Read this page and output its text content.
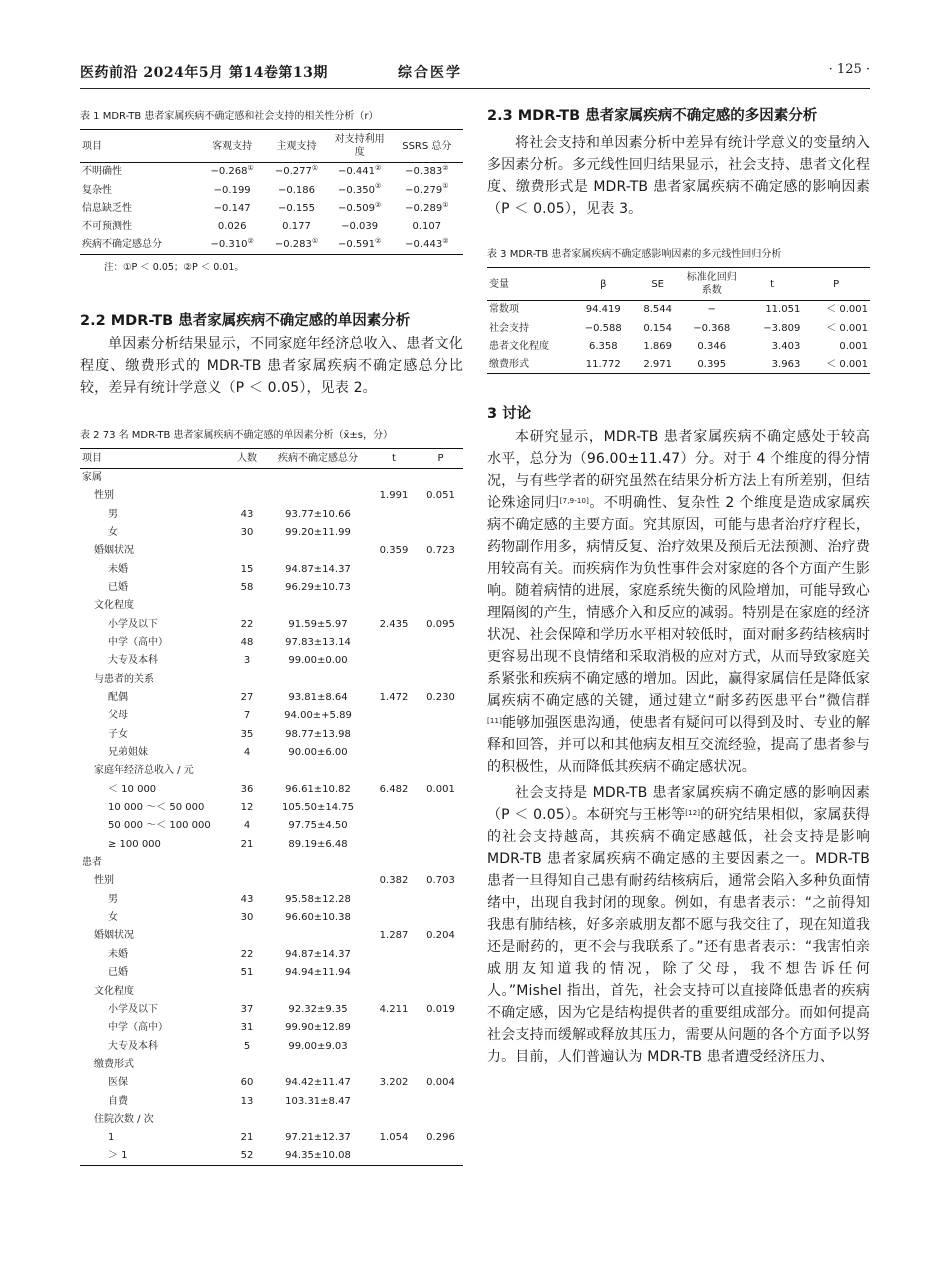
医药前沿 2024年5月 第14卷第13期	综合医学	· 125 ·
表 1 MDR-TB 患者家属疾病不确定感和社会支持的相关性分析（r）
项目	客观支持	主观支持	对支持利用度	SSRS 总分
不明确性	−0.268①	−0.277①	−0.441②	−0.383②
复杂性	−0.199	−0.186	−0.350②	−0.279①
信息缺乏性	−0.147	−0.155	−0.509②	−0.289①
不可预测性	0.026	0.177	−0.039	0.107
疾病不确定感总分	−0.310②	−0.283①	−0.591②	−0.443②
注：①P ＜ 0.05；②P ＜ 0.01。
2.2 MDR-TB 患者家属疾病不确定感的单因素分析
单因素分析结果显示，不同家庭年经济总收入、患者文化程度、缴费形式的 MDR-TB 患者家属疾病不确定感总分比较，差异有统计学意义（P ＜ 0.05），见表 2。
表 2 73 名 MDR-TB 患者家属疾病不确定感的单因素分析（x̄±s，分）
项目	人数	疾病不确定感总分	t	P
家属				
性别			1.991	0.051
男	43	93.77±10.66		
女	30	99.20±11.99		
婚姻状况			0.359	0.723
未婚	15	94.87±14.37		
已婚	58	96.29±10.73		
文化程度				
小学及以下	22	91.59±5.97	2.435	0.095
中学（高中）	48	97.83±13.14		
大专及本科	3	99.00±0.00		
与患者的关系				
配偶	27	93.81±8.64	1.472	0.230
父母	7	94.00±+5.89		
子女	35	98.77±13.98		
兄弟姐妹	4	90.00±6.00		
家庭年经济总收入 / 元				
＜ 10 000	36	96.61±10.82	6.482	0.001
10 000 ～＜ 50 000	12	105.50±14.75		
50 000 ～＜ 100 000	4	97.75±4.50		
≥ 100 000	21	89.19±6.48		
患者				
性别			0.382	0.703
男	43	95.58±12.28		
女	30	96.60±10.38		
婚姻状况			1.287	0.204
未婚	22	94.87±14.37		
已婚	51	94.94±11.94		
文化程度				
小学及以下	37	92.32±9.35	4.211	0.019
中学（高中）	31	99.90±12.89		
大专及本科	5	99.00±9.03		
缴费形式				
医保	60	94.42±11.47	3.202	0.004
自费	13	103.31±8.47		
住院次数 / 次				
1	21	97.21±12.37	1.054	0.296
＞ 1	52	94.35±10.08		
2.3 MDR-TB 患者家属疾病不确定感的多因素分析
将社会支持和单因素分析中差异有统计学意义的变量纳入多因素分析。多元线性回归结果显示，社会支持、患者文化程度、缴费形式是 MDR-TB 患者家属疾病不确定感的影响因素（P ＜ 0.05），见表 3。
表 3 MDR-TB 患者家属疾病不确定感影响因素的多元线性回归分析
变量	β	SE	标准化回归系数	t	P
常数项	94.419	8.544	−	11.051	＜ 0.001
社会支持	−0.588	0.154	−0.368	−3.809	＜ 0.001
患者文化程度	6.358	1.869	0.346	3.403	0.001
缴费形式	11.772	2.971	0.395	3.963	＜ 0.001
3 讨论
本研究显示，MDR-TB 患者家属疾病不确定感处于较高水平，总分为（96.00±11.47）分。对于 4 个维度的得分情况，与有些学者的研究虽然在结果分析方法上有所差别，但结论殊途同归[7,9-10]。不明确性、复杂性 2 个维度是造成家属疾病不确定感的主要方面。究其原因，可能与患者治疗疗程长，药物副作用多，病情反复、治疗效果及预后无法预测、治疗费用较高有关。而疾病作为负性事件会对家庭的各个方面产生影响。随着病情的进展，家庭系统失衡的风险增加，可能导致心理隔阂的产生，情感介入和反应的减弱。特别是在家庭的经济状况、社会保障和学历水平相对较低时，面对耐多药结核病时更容易出现不良情绪和采取消极的应对方式，从而导致家庭关系紧张和疾病不确定感的增加。因此，赢得家属信任是降低家属疾病不确定感的关键，通过建立“耐多药医患平台”微信群[11]能够加强医患沟通，使患者有疑问可以得到及时、专业的解释和回答，并可以和其他病友相互交流经验，提高了患者参与的积极性，从而降低其疾病不确定感状况。
社会支持是 MDR-TB 患者家属疾病不确定感的影响因素（P ＜ 0.05）。本研究与王彬等[12]的研究结果相似，家属获得的社会支持越高，其疾病不确定感越低，社会支持是影响 MDR-TB 患者家属疾病不确定感的主要因素之一。MDR-TB 患者一旦得知自己患有耐药结核病后，通常会陷入多种负面情绪中，出现自我封闭的现象。例如，有患者表示：“之前得知我患有肺结核，好多亲戚朋友都不愿与我交往了，现在知道我还是耐药的，更不会与我联系了。”还有患者表示：“我害怕亲戚朋友知道我的情况，除了父母，我不想告诉任何人。”Mishel 指出，首先，社会支持可以直接降低患者的疾病不确定感，因为它是结构提供者的重要组成部分。而如何提高社会支持而缓解或释放其压力，需要从问题的各个方面予以努力。目前，人们普遍认为 MDR-TB 患者遭受经济压力、
